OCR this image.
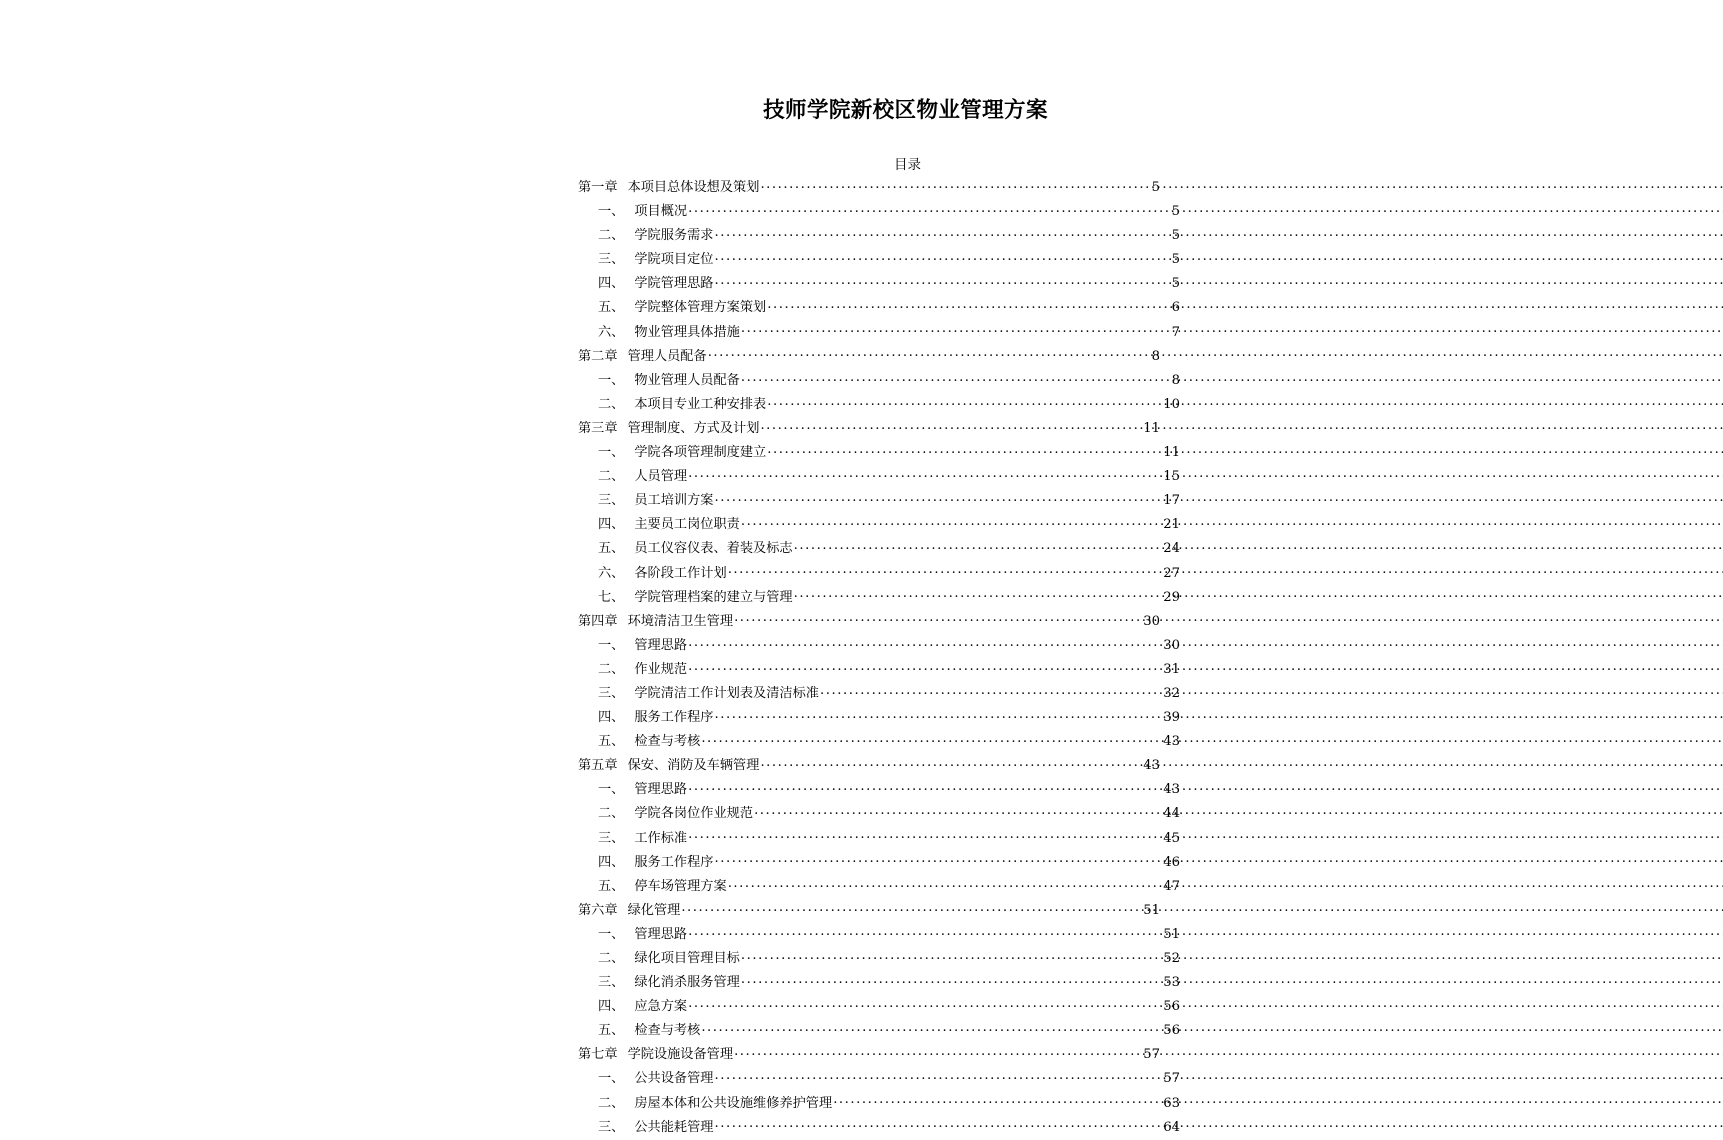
技师学院新校区物业管理方案
目录
第一章 本项目总体设想及策划 .....	5
一、 项目概况 .....	5
二、 学院服务需求 .....	5
三、 学院项目定位 .....	5
四、 学院管理思路 .....	5
五、 学院整体管理方案策划 .....	6
六、 物业管理具体措施 .....	7
第二章 管理人员配备 .....	8
一、 物业管理人员配备 .....	8
二、 本项目专业工种安排表 .....	10
第三章 管理制度、方式及计划 .....	11
一、 学院各项管理制度建立 .....	11
二、 人员管理 .....	15
三、 员工培训方案 .....	17
四、 主要员工岗位职责 .....	21
五、 员工仪容仪表、着装及标志 .....	24
六、 各阶段工作计划 .....	27
七、 学院管理档案的建立与管理 .....	29
第四章 环境清洁卫生管理 .....	30
一、 管理思路 .....	30
二、 作业规范 .....	31
三、 学院清洁工作计划表及清洁标准 .....	32
四、 服务工作程序 .....	39
五、 检查与考核 .....	43
第五章 保安、消防及车辆管理 .....	43
一、 管理思路 .....	43
二、 学院各岗位作业规范 .....	44
三、 工作标准 .....	45
四、 服务工作程序 .....	46
五、 停车场管理方案 .....	47
第六章 绿化管理 .....	51
一、 管理思路 .....	51
二、 绿化项目管理目标 .....	52
三、 绿化消杀服务管理 .....	53
四、 应急方案 .....	56
五、 检查与考核 .....	56
第七章 学院设施设备管理 .....	57
一、 公共设备管理 .....	57
二、 房屋本体和公共设施维修养护管理 .....	63
三、 公共能耗管理 .....	64
